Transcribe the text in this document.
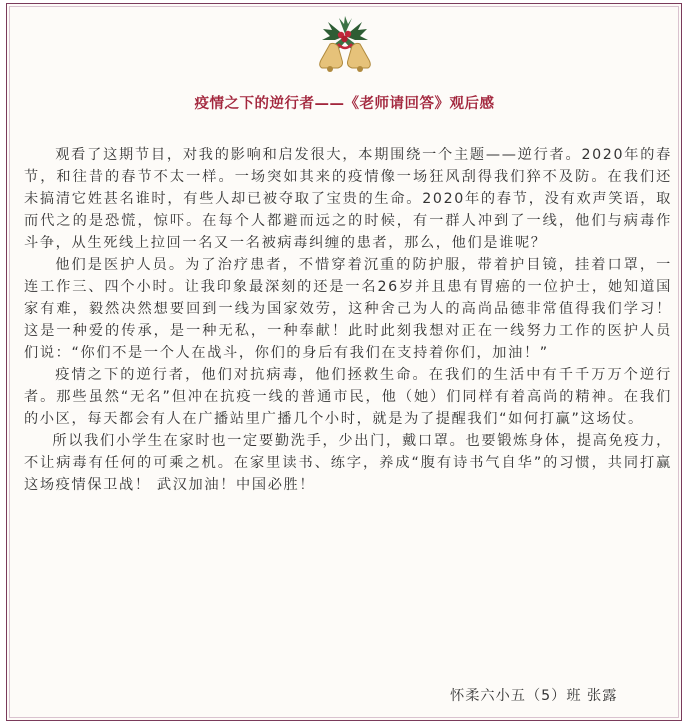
疫情之下的逆行者——《老师请回答》观后感

观看了这期节目，对我的影响和启发很大，本期围绕一个主题——逆行者。2020年的春节，和往昔的春节不太一样。一场突如其来的疫情像一场狂风刮得我们猝不及防。在我们还未搞清它姓甚名谁时，有些人却已被夺取了宝贵的生命。2020年的春节，没有欢声笑语，取而代之的是恐慌，惊吓。在每个人都避而远之的时候，有一群人冲到了一线，他们与病毒作斗争，从生死线上拉回一名又一名被病毒纠缠的患者，那么，他们是谁呢？

他们是医护人员。为了治疗患者，不惜穿着沉重的防护服，带着护目镜，挂着口罩，一连工作三、四个小时。让我印象最深刻的还是一名26岁并且患有胃癌的一位护士，她知道国家有难，毅然决然想要回到一线为国家效劳，这种舍己为人的高尚品德非常值得我们学习！这是一种爱的传承，是一种无私，一种奉献！此时此刻我想对正在一线努力工作的医护人员们说：“你们不是一个人在战斗，你们的身后有我们在支持着你们，加油！”

疫情之下的逆行者，他们对抗病毒，他们拯救生命。在我们的生活中有千千万万个逆行者。那些虽然“无名”但冲在抗疫一线的普通市民，他（她）们同样有着高尚的精神。在我们的小区，每天都会有人在广播站里广播几个小时，就是为了提醒我们“如何打赢”这场仗。

所以我们小学生在家时也一定要勤洗手，少出门，戴口罩。也要锻炼身体，提高免疫力，不让病毒有任何的可乘之机。在家里读书、练字，养成“腹有诗书气自华”的习惯，共同打赢这场疫情保卫战！ 武汉加油！中国必胜！

怀柔六小五（5）班 张露
